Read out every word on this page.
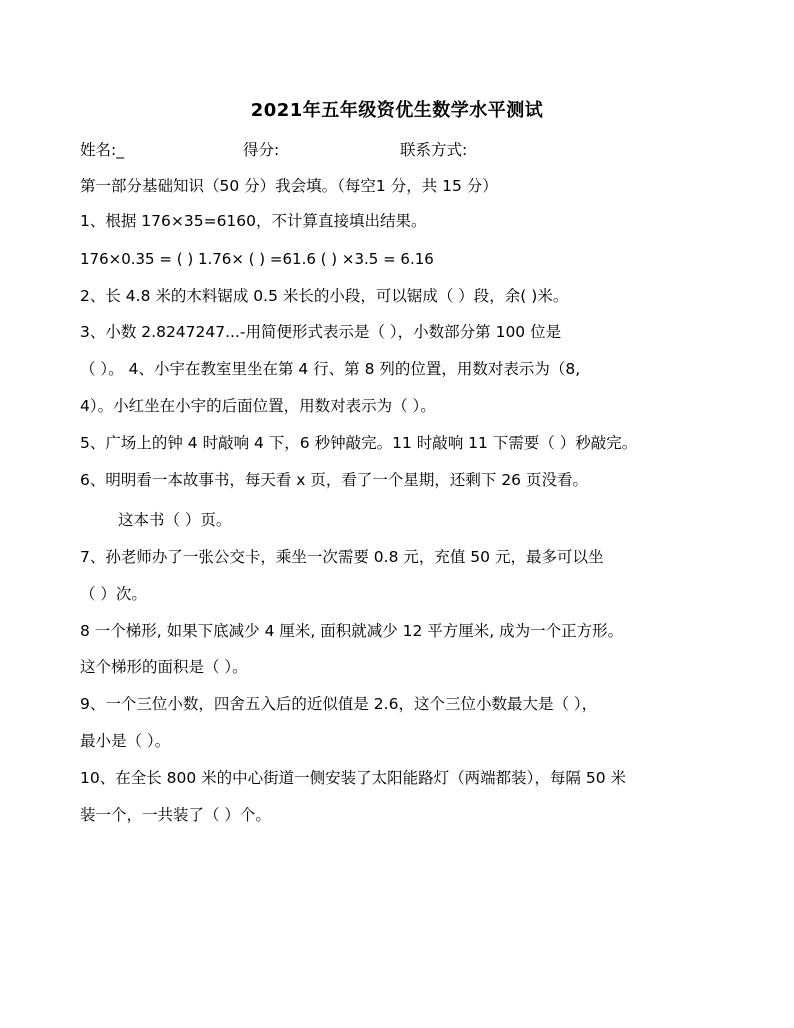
2021年五年级资优生数学水平测试
姓名:_	得分:	联系方式:
第一部分基础知识（50 分）我会填。（每空1 分，共 15 分）
1、根据 176×35=6160，不计算直接填出结果。
176×0.35 = ( ) 1.76× ( ) =61.6 ( ) ×3.5 = 6.16
2、长 4.8 米的木料锯成 0.5 米长的小段，可以锯成（ ）段，余( )米。
3、小数 2.8247247...-用简便形式表示是（ ），小数部分第 100 位是
（ ）。 4、小宇在教室里坐在第 4 行、第 8 列的位置，用数对表示为（8,
4）。小红坐在小宇的后面位置，用数对表示为（ ）。
5、广场上的钟 4 时敲响 4 下，6 秒钟敲完。11 时敲响 11 下需要（ ）秒敲完。
6、明明看一本故事书，每天看 x 页，看了一个星期，还剩下 26 页没看。
这本书（ ）页。
7、孙老师办了一张公交卡，乘坐一次需要 0.8 元，充值 50 元，最多可以坐
（ ）次。
8 一个梯形, 如果下底减少 4 厘米, 面积就减少 12 平方厘米, 成为一个正方形。
这个梯形的面积是（ ）。
9、一个三位小数，四舍五入后的近似值是 2.6，这个三位小数最大是（ ），
最小是（ ）。
10、在全长 800 米的中心街道一侧安装了太阳能路灯（两端都装），每隔 50 米
装一个，一共装了（ ）个。
